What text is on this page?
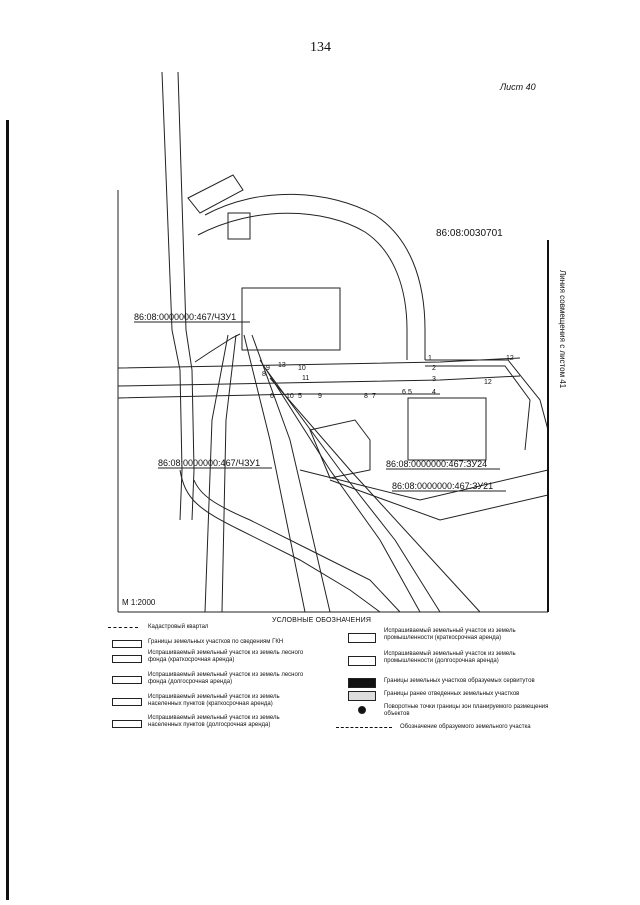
134
Лист 40
Линия совмещения с листом 41
86:08:0030701
86:08:0000000:467/ЧЗУ1
86:08:0000000:467/ЧЗУ1	86:08:0000000:467:ЗУ24
86:08:0000000:467:ЗУ21
1
2
3
4
5
6
7
8
9
10
11
12
13
12
6	5
8
9
10
М 1:2000
УСЛОВНЫЕ ОБОЗНАЧЕНИЯ
Кадастровый квартал
Границы земельных участков по сведениям ГКН
Испрашиваемый земельный участок из земель лесного фонда (краткосрочная аренда)
Испрашиваемый земельный участок из земель лесного фонда (долгосрочная аренда)
Испрашиваемый земельный участок из земель населенных пунктов (краткосрочная аренда)
Испрашиваемый земельный участок из земель населенных пунктов (долгосрочная аренда)
Испрашиваемый земельный участок из земель промышленности (краткосрочная аренда)
Испрашиваемый земельный участок из земель промышленности (долгосрочная аренда)
Границы земельных участков образуемых сервитутов
Границы ранее отведенных земельных участков
Поворотные точки границы зон планируемого размещения объектов
Обозначение образуемого земельного участка
